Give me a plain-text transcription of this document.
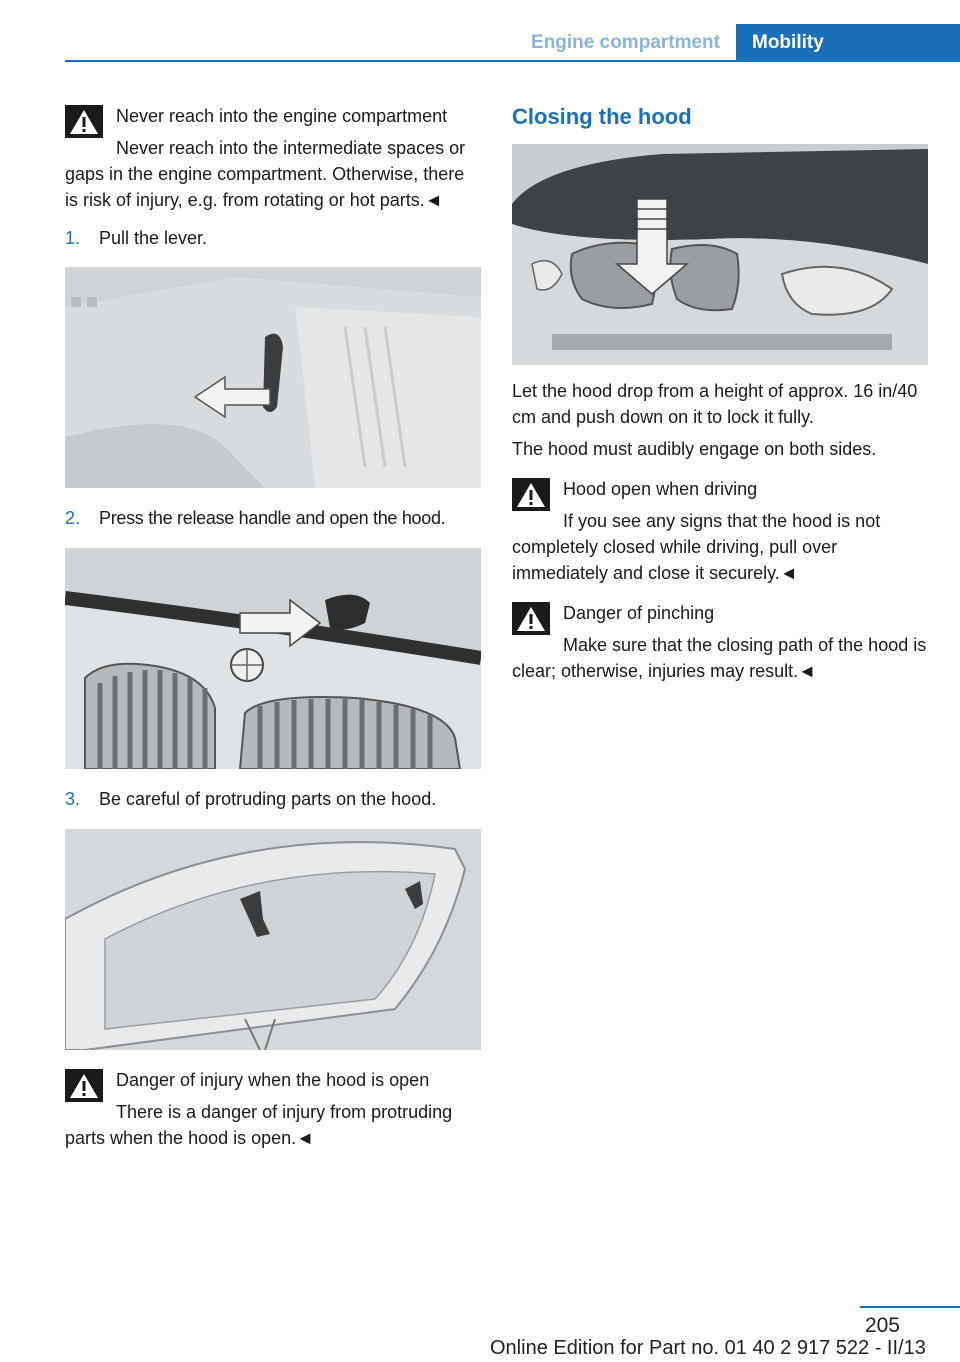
Engine compartment	Mobility
Never reach into the engine compartment
Never reach into the intermediate spaces or gaps in the engine compartment. Otherwise, there is risk of injury, e.g. from rotating or hot parts.◄
1. Pull the lever.
2. Press the release handle and open the hood.
3. Be careful of protruding parts on the hood.
Danger of injury when the hood is open
There is a danger of injury from protruding parts when the hood is open.◄
Closing the hood
Let the hood drop from a height of approx. 16 in/40 cm and push down on it to lock it fully.
The hood must audibly engage on both sides.
Hood open when driving
If you see any signs that the hood is not completely closed while driving, pull over immediately and close it securely.◄
Danger of pinching
Make sure that the closing path of the hood is clear; otherwise, injuries may result.◄
205
Online Edition for Part no. 01 40 2 917 522 - II/13
